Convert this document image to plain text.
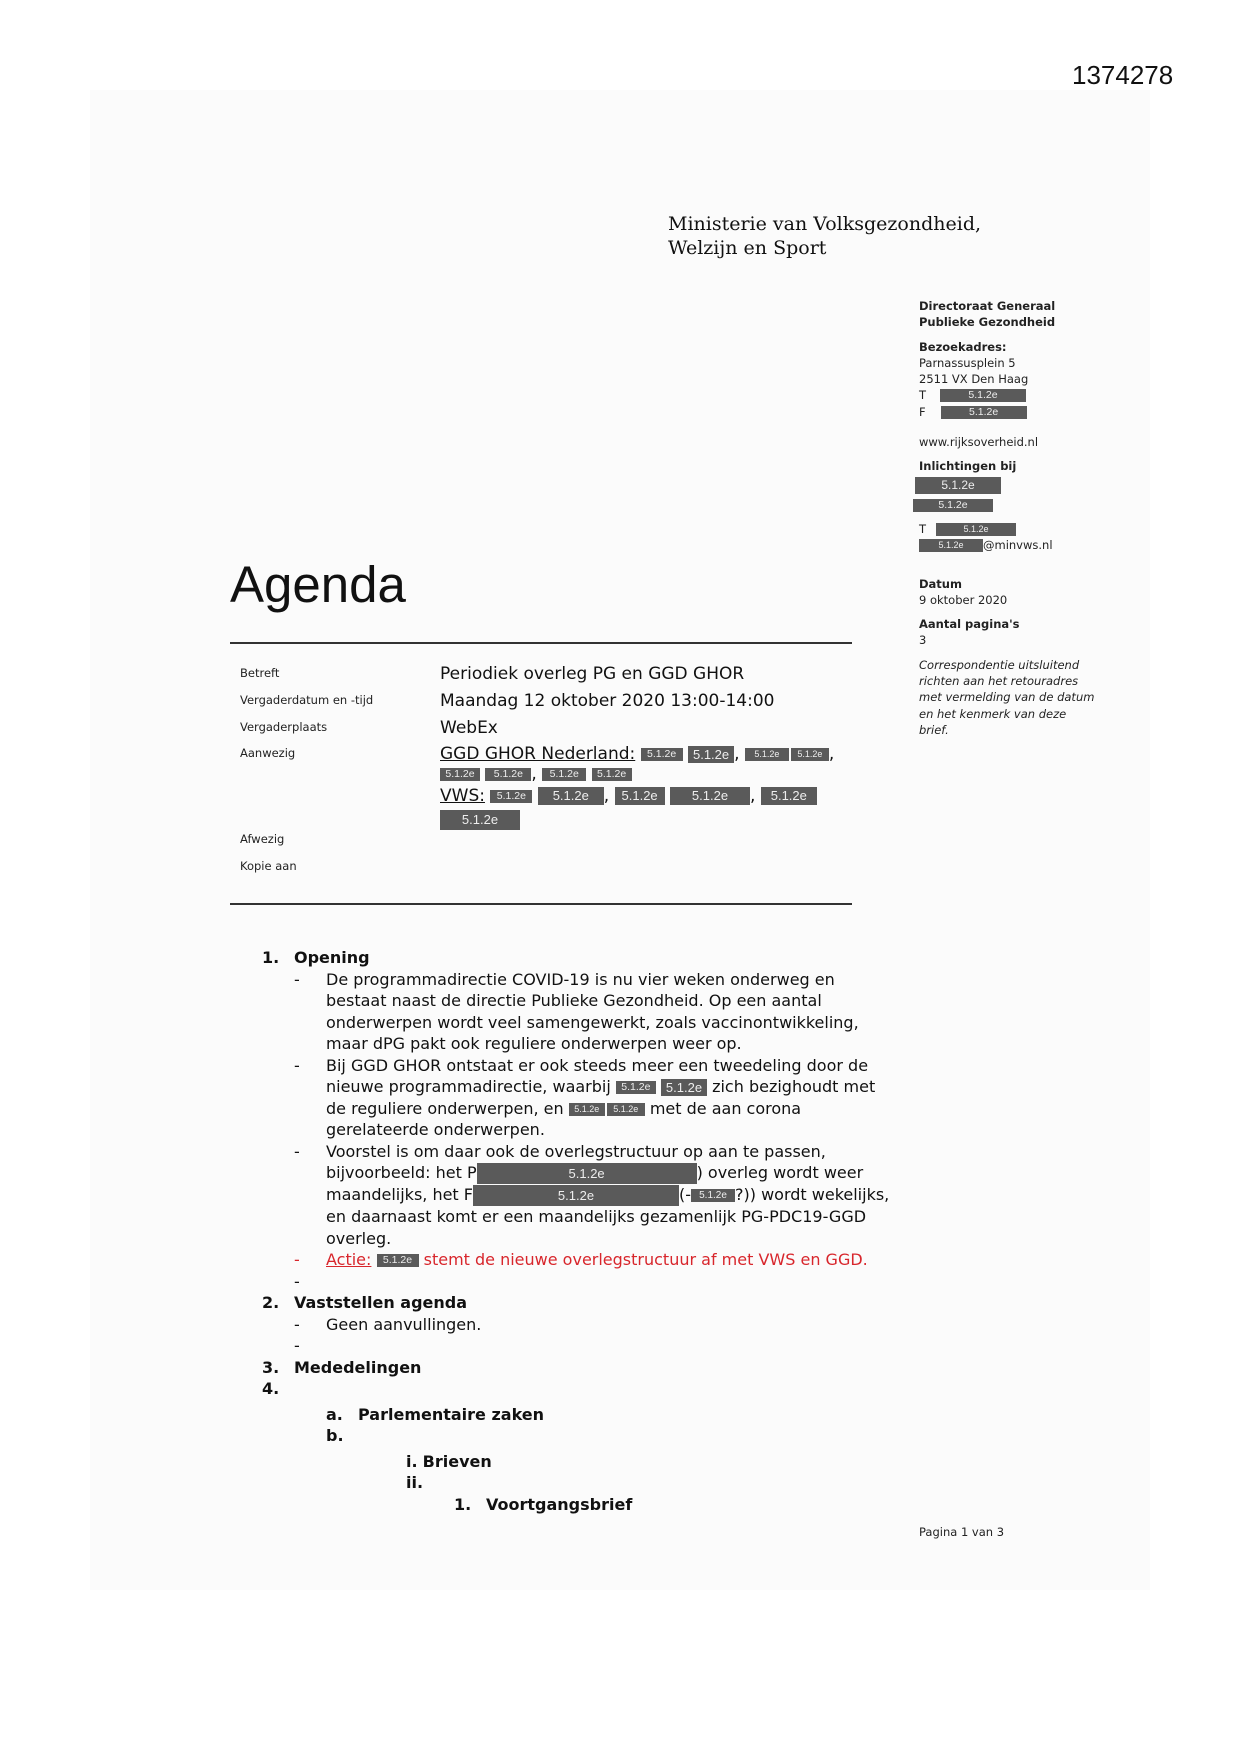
1374278
Ministerie van Volksgezondheid,
Welzijn en Sport
Directoraat Generaal
Publieke Gezondheid
Bezoekadres:
Parnassusplein 5
2511 VX Den Haag
T	5.1.2e
F	5.1.2e
www.rijksoverheid.nl
Inlichtingen bij
5.1.2e
5.1.2e
T	5.1.2e
5.1.2e @minvws.nl
Datum
9 oktober 2020
Aantal pagina's
3
Correspondentie uitsluitend
richten aan het retouradres
met vermelding van de datum
en het kenmerk van deze
brief.
Agenda
Betreft	Periodiek overleg PG en GGD GHOR
Vergaderdatum en -tijd	Maandag 12 oktober 2020 13:00-14:00
Vergaderplaats	WebEx
Aanwezig	GGD GHOR Nederland: 5.1.2e 5.1.2e , 5.1.2e 5.1.2e ,
5.1.2e 5.1.2e , 5.1.2e 5.1.2e
VWS: 5.1.2e 5.1.2e , 5.1.2e	5.1.2e , 5.1.2e
5.1.2e
Afwezig
Kopie aan
1. Opening
- De programmadirectie COVID-19 is nu vier weken onderweg en
bestaat naast de directie Publieke Gezondheid. Op een aantal
onderwerpen wordt veel samengewerkt, zoals vaccinontwikkeling,
maar dPG pakt ook reguliere onderwerpen weer op.
- Bij GGD GHOR ontstaat er ook steeds meer een tweedeling door de
nieuwe programmadirectie, waarbij 5.1.2e 5.1.2e zich bezighoudt met
de reguliere onderwerpen, en 5.1.2e 5.1.2e met de aan corona
gerelateerde onderwerpen.
- Voorstel is om daar ook de overlegstructuur op aan te passen,
bijvoorbeeld: het P	5.1.2e	) overleg wordt weer
maandelijks, het F	5.1.2e	(- 5.1.2e ?)) wordt wekelijks,
en daarnaast komt er een maandelijks gezamenlijk PG-PDC19-GGD
overleg.
- Actie: 5.1.2e stemt de nieuwe overlegstructuur af met VWS en GGD.
-
2. Vaststellen agenda
- Geen aanvullingen.
-
3. Mededelingen
4.
a. Parlementaire zaken
b.
i. Brieven
ii.
1. Voortgangsbrief
Pagina 1 van 3
